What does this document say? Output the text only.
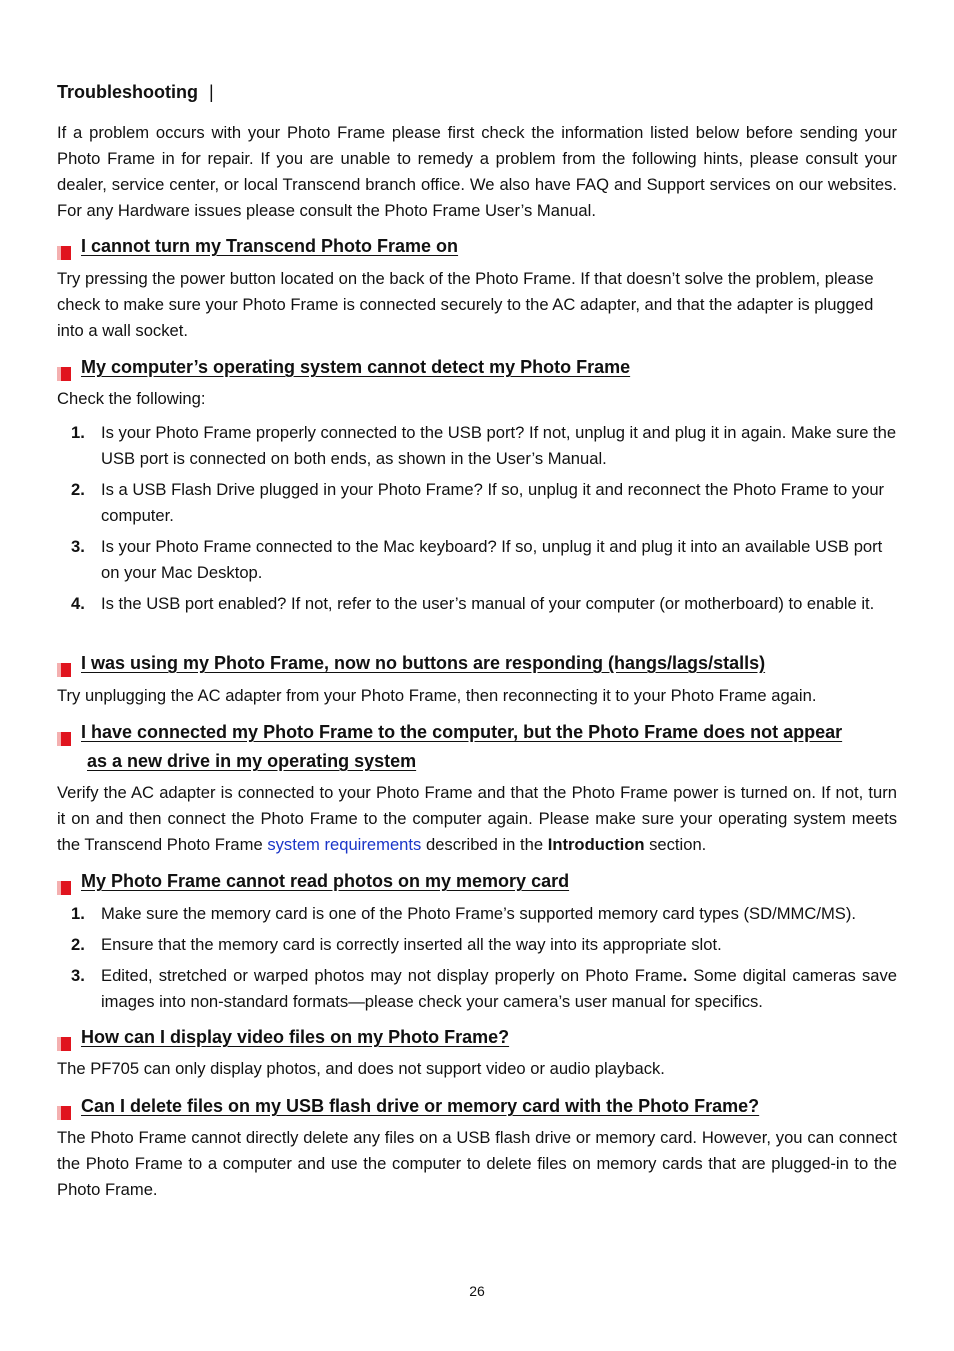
Troubleshooting |
If a problem occurs with your Photo Frame please first check the information listed below before sending your Photo Frame in for repair. If you are unable to remedy a problem from the following hints, please consult your dealer, service center, or local Transcend branch office. We also have FAQ and Support services on our websites. For any Hardware issues please consult the Photo Frame User’s Manual.
I cannot turn my Transcend Photo Frame on
Try pressing the power button located on the back of the Photo Frame. If that doesn’t solve the problem, please check to make sure your Photo Frame is connected securely to the AC adapter, and that the adapter is plugged into a wall socket.
My computer’s operating system cannot detect my Photo Frame
Check the following:
1. Is your Photo Frame properly connected to the USB port? If not, unplug it and plug it in again. Make sure the USB port is connected on both ends, as shown in the User’s Manual.
2. Is a USB Flash Drive plugged in your Photo Frame? If so, unplug it and reconnect the Photo Frame to your computer.
3. Is your Photo Frame connected to the Mac keyboard? If so, unplug it and plug it into an available USB port on your Mac Desktop.
4. Is the USB port enabled? If not, refer to the user’s manual of your computer (or motherboard) to enable it.
I was using my Photo Frame, now no buttons are responding (hangs/lags/stalls)
Try unplugging the AC adapter from your Photo Frame, then reconnecting it to your Photo Frame again.
I have connected my Photo Frame to the computer, but the Photo Frame does not appear
as a new drive in my operating system
Verify the AC adapter is connected to your Photo Frame and that the Photo Frame power is turned on. If not, turn it on and then connect the Photo Frame to the computer again. Please make sure your operating system meets the Transcend Photo Frame system requirements described in the Introduction section.
My Photo Frame cannot read photos on my memory card
1. Make sure the memory card is one of the Photo Frame’s supported memory card types (SD/MMC/MS).
2. Ensure that the memory card is correctly inserted all the way into its appropriate slot.
3. Edited, stretched or warped photos may not display properly on Photo Frame. Some digital cameras save images into non-standard formats—please check your camera’s user manual for specifics.
How can I display video files on my Photo Frame?
The PF705 can only display photos, and does not support video or audio playback.
Can I delete files on my USB flash drive or memory card with the Photo Frame?
The Photo Frame cannot directly delete any files on a USB flash drive or memory card. However, you can connect the Photo Frame to a computer and use the computer to delete files on memory cards that are plugged-in to the Photo Frame.
26
